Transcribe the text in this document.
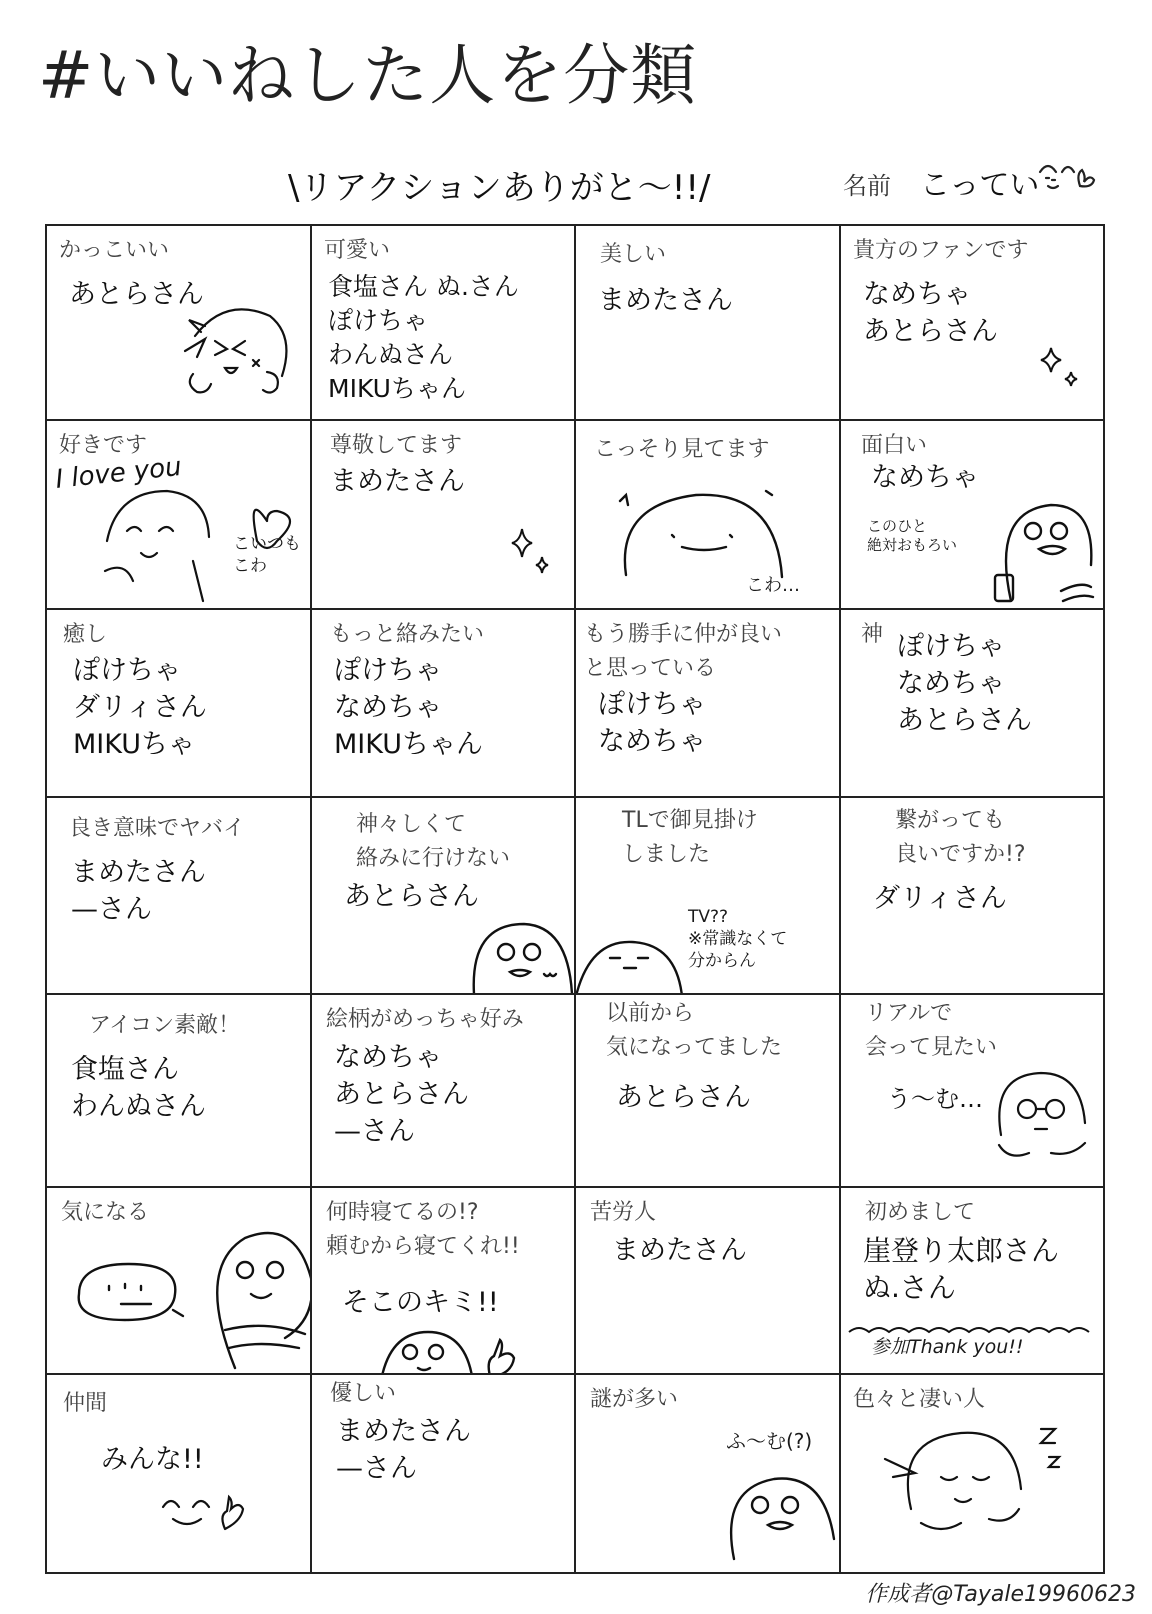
#いいねした人を分類
\リアクションありがと〜!!/	名前 こってい
かっこいい
あとらさん
可愛い
食塩さん ぬ.さん
ぽけちゃ
わんぬさん
MIKUちゃん
美しい
まめたさん
貴方のファンです
なめちゃ
あとらさん
好きです
I love you
こいつも
こわ
尊敬してます
まめたさん
こっそり見てます
こわ…
面白い
なめちゃ
このひと
絶対おもろい
癒し
ぽけちゃ
ダリィさん
MIKUちゃ
もっと絡みたい
ぽけちゃ
なめちゃ
MIKUちゃん
もう勝手に仲が良い
と思っている
ぽけちゃ
なめちゃ
神 ぽけちゃ
なめちゃ
あとらさん
良き意味でヤバイ
まめたさん
—さん
神々しくて
絡みに行けない
あとらさん
TLで御見掛け
しました
TV??
※常識なくて
分からん
繋がっても
良いですか!?
ダリィさん
アイコン素敵！
食塩さん
わんぬさん
絵柄がめっちゃ好み
なめちゃ
あとらさん
—さん
以前から
気になってました
あとらさん
リアルで
会って見たい
う〜む…
気になる	何時寝てるの!?
頼むから寝てくれ!!
そこのキミ!!
苦労人
まめたさん
初めまして
崖登り太郎さん
ぬ.さん
参加Thank you!!
仲間
みんな!!
優しい
まめたさん
—さん
謎が多い
ふ〜む(?)
色々と凄い人
作成者@Tayale19960623
